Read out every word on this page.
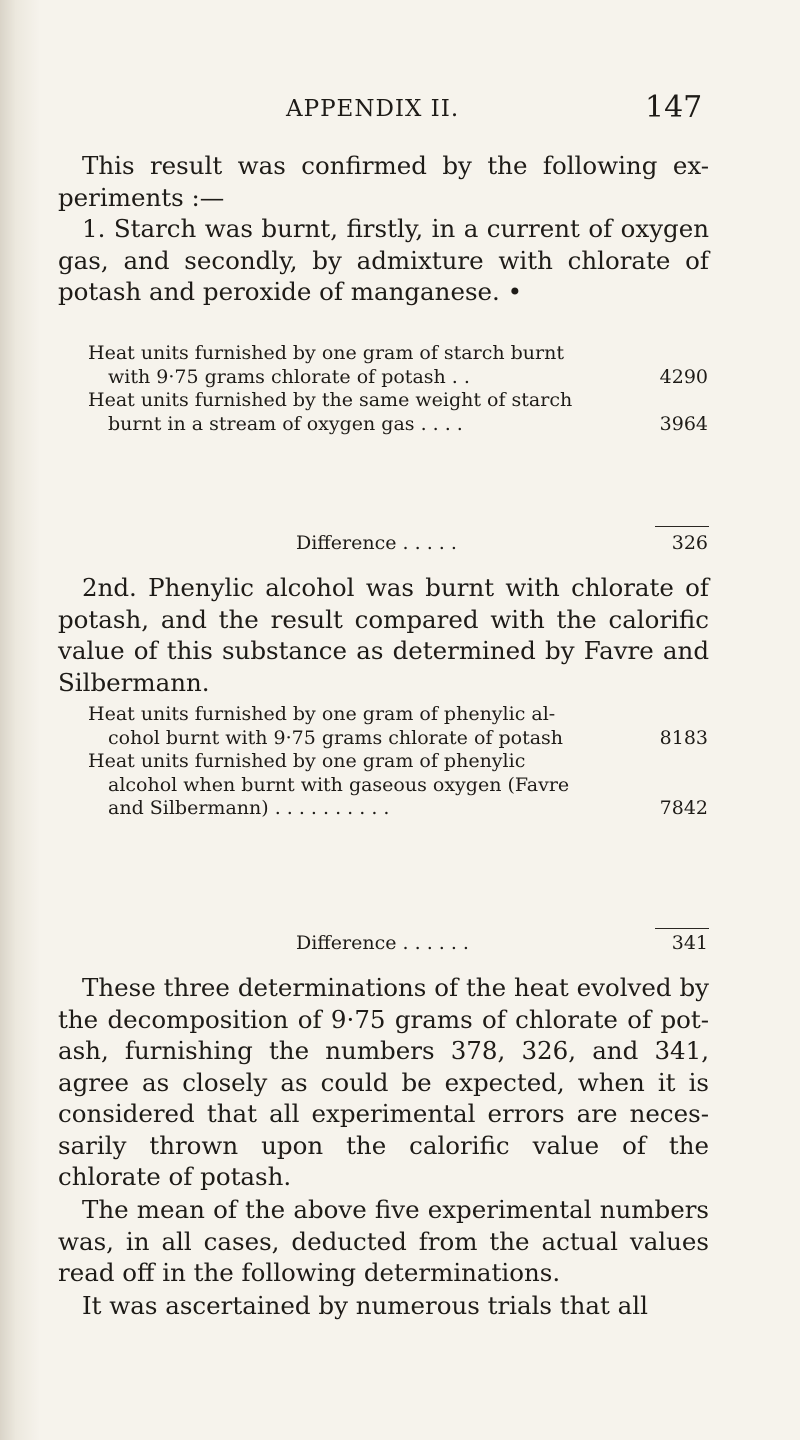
APPENDIX II.	147

This result was confirmed by the following ex-periments :—

1. Starch was burnt, firstly, in a current of oxygen gas, and secondly, by admixture with chlorate of potash and peroxide of manganese. •

Heat units furnished by one gram of starch burnt
with 9·75 grams chlorate of potash . .	4290
Heat units furnished by the same weight of starch
burnt in a stream of oxygen gas . . . .	3964
Difference . . . . .	326

2nd. Phenylic alcohol was burnt with chlorate of potash, and the result compared with the calorific value of this substance as determined by Favre and Silbermann.

Heat units furnished by one gram of phenylic al-
cohol burnt with 9·75 grams chlorate of potash	8183
Heat units furnished by one gram of phenylic
alcohol when burnt with gaseous oxygen (Favre
and Silbermann) . . . . . . . . . .	7842
Difference . . . . . .	341

These three determinations of the heat evolved by the decomposition of 9·75 grams of chlorate of pot-ash, furnishing the numbers 378, 326, and 341, agree as closely as could be expected, when it is considered that all experimental errors are neces-sarily thrown upon the calorific value of the chlorate of potash.

The mean of the above five experimental numbers was, in all cases, deducted from the actual values read off in the following determinations.

It was ascertained by numerous trials that all
